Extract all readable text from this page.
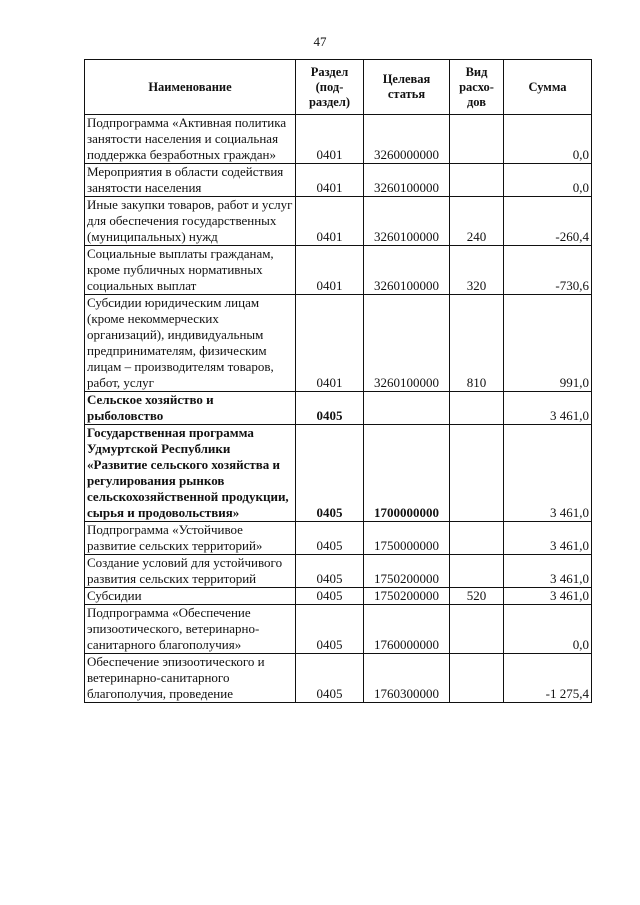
47
Наименование	Раздел (под-раздел)	Целевая статья	Вид расхо-дов	Сумма
Подпрограмма «Активная политика занятости населения и социальная поддержка безработных граждан»	0401	3260000000		0,0
Мероприятия в области содействия занятости населения	0401	3260100000		0,0
Иные закупки товаров, работ и услуг для обеспечения государственных (муниципальных) нужд	0401	3260100000	240	-260,4
Социальные выплаты гражданам, кроме публичных нормативных социальных выплат	0401	3260100000	320	-730,6
Субсидии юридическим лицам (кроме некоммерческих организаций), индивидуальным предпринимателям, физическим лицам – производителям товаров, работ, услуг	0401	3260100000	810	991,0
Сельское хозяйство и рыболовство	0405			3 461,0
Государственная программа Удмуртской Республики «Развитие сельского хозяйства и регулирования рынков сельскохозяйственной продукции, сырья и продовольствия»	0405	1700000000		3 461,0
Подпрограмма «Устойчивое развитие сельских территорий»	0405	1750000000		3 461,0
Создание условий для устойчивого развития сельских территорий	0405	1750200000		3 461,0
Субсидии	0405	1750200000	520	3 461,0
Подпрограмма «Обеспечение эпизоотического, ветеринарно-санитарного благополучия»	0405	1760000000		0,0
Обеспечение эпизоотического и ветеринарно-санитарного благополучия, проведение	0405	1760300000		-1 275,4
